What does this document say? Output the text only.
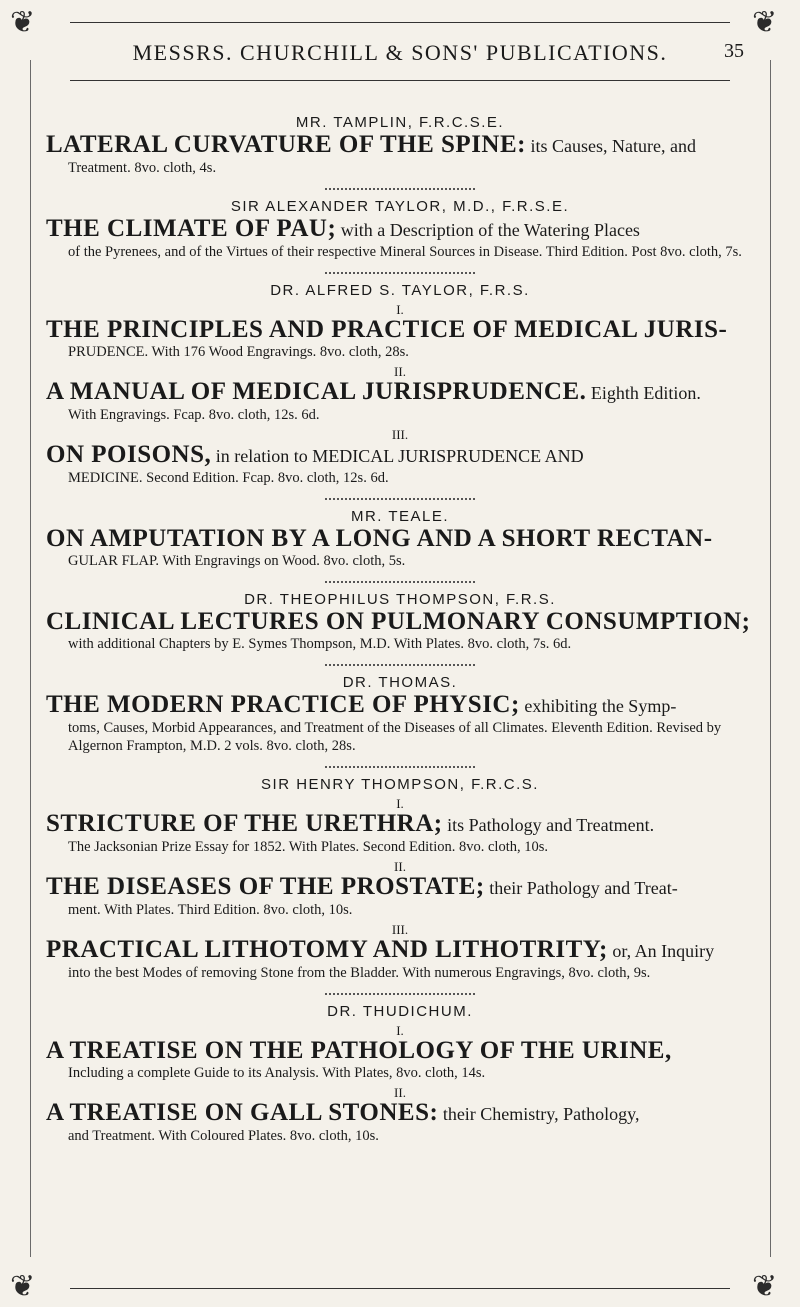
❦	❦
❦	❦
MESSRS. CHURCHILL & SONS' PUBLICATIONS.	35
MR. TAMPLIN, F.R.C.S.E.
LATERAL CURVATURE OF THE SPINE: its Causes, Nature, and
Treatment. 8vo. cloth, 4s.
SIR ALEXANDER TAYLOR, M.D., F.R.S.E.
THE CLIMATE OF PAU; with a Description of the Watering Places
of the Pyrenees, and of the Virtues of their respective Mineral Sources in Disease. Third Edition. Post 8vo. cloth, 7s.
DR. ALFRED S. TAYLOR, F.R.S.
I.
THE PRINCIPLES AND PRACTICE OF MEDICAL JURIS-
PRUDENCE. With 176 Wood Engravings. 8vo. cloth, 28s.
II.
A MANUAL OF MEDICAL JURISPRUDENCE. Eighth Edition.
With Engravings. Fcap. 8vo. cloth, 12s. 6d.
III.
ON POISONS, in relation to MEDICAL JURISPRUDENCE AND
MEDICINE. Second Edition. Fcap. 8vo. cloth, 12s. 6d.
MR. TEALE.
ON AMPUTATION BY A LONG AND A SHORT RECTAN-
GULAR FLAP. With Engravings on Wood. 8vo. cloth, 5s.
DR. THEOPHILUS THOMPSON, F.R.S.
CLINICAL LECTURES ON PULMONARY CONSUMPTION;
with additional Chapters by E. Symes Thompson, M.D. With Plates. 8vo. cloth, 7s. 6d.
DR. THOMAS.
THE MODERN PRACTICE OF PHYSIC; exhibiting the Symp-
toms, Causes, Morbid Appearances, and Treatment of the Diseases of all Climates. Eleventh Edition. Revised by Algernon Frampton, M.D. 2 vols. 8vo. cloth, 28s.
SIR HENRY THOMPSON, F.R.C.S.
I.
STRICTURE OF THE URETHRA; its Pathology and Treatment.
The Jacksonian Prize Essay for 1852. With Plates. Second Edition. 8vo. cloth, 10s.
II.
THE DISEASES OF THE PROSTATE; their Pathology and Treat-
ment. With Plates. Third Edition. 8vo. cloth, 10s.
III.
PRACTICAL LITHOTOMY AND LITHOTRITY; or, An Inquiry
into the best Modes of removing Stone from the Bladder. With numerous Engravings, 8vo. cloth, 9s.
DR. THUDICHUM.
I.
A TREATISE ON THE PATHOLOGY OF THE URINE,
Including a complete Guide to its Analysis. With Plates, 8vo. cloth, 14s.
II.
A TREATISE ON GALL STONES: their Chemistry, Pathology,
and Treatment. With Coloured Plates. 8vo. cloth, 10s.
